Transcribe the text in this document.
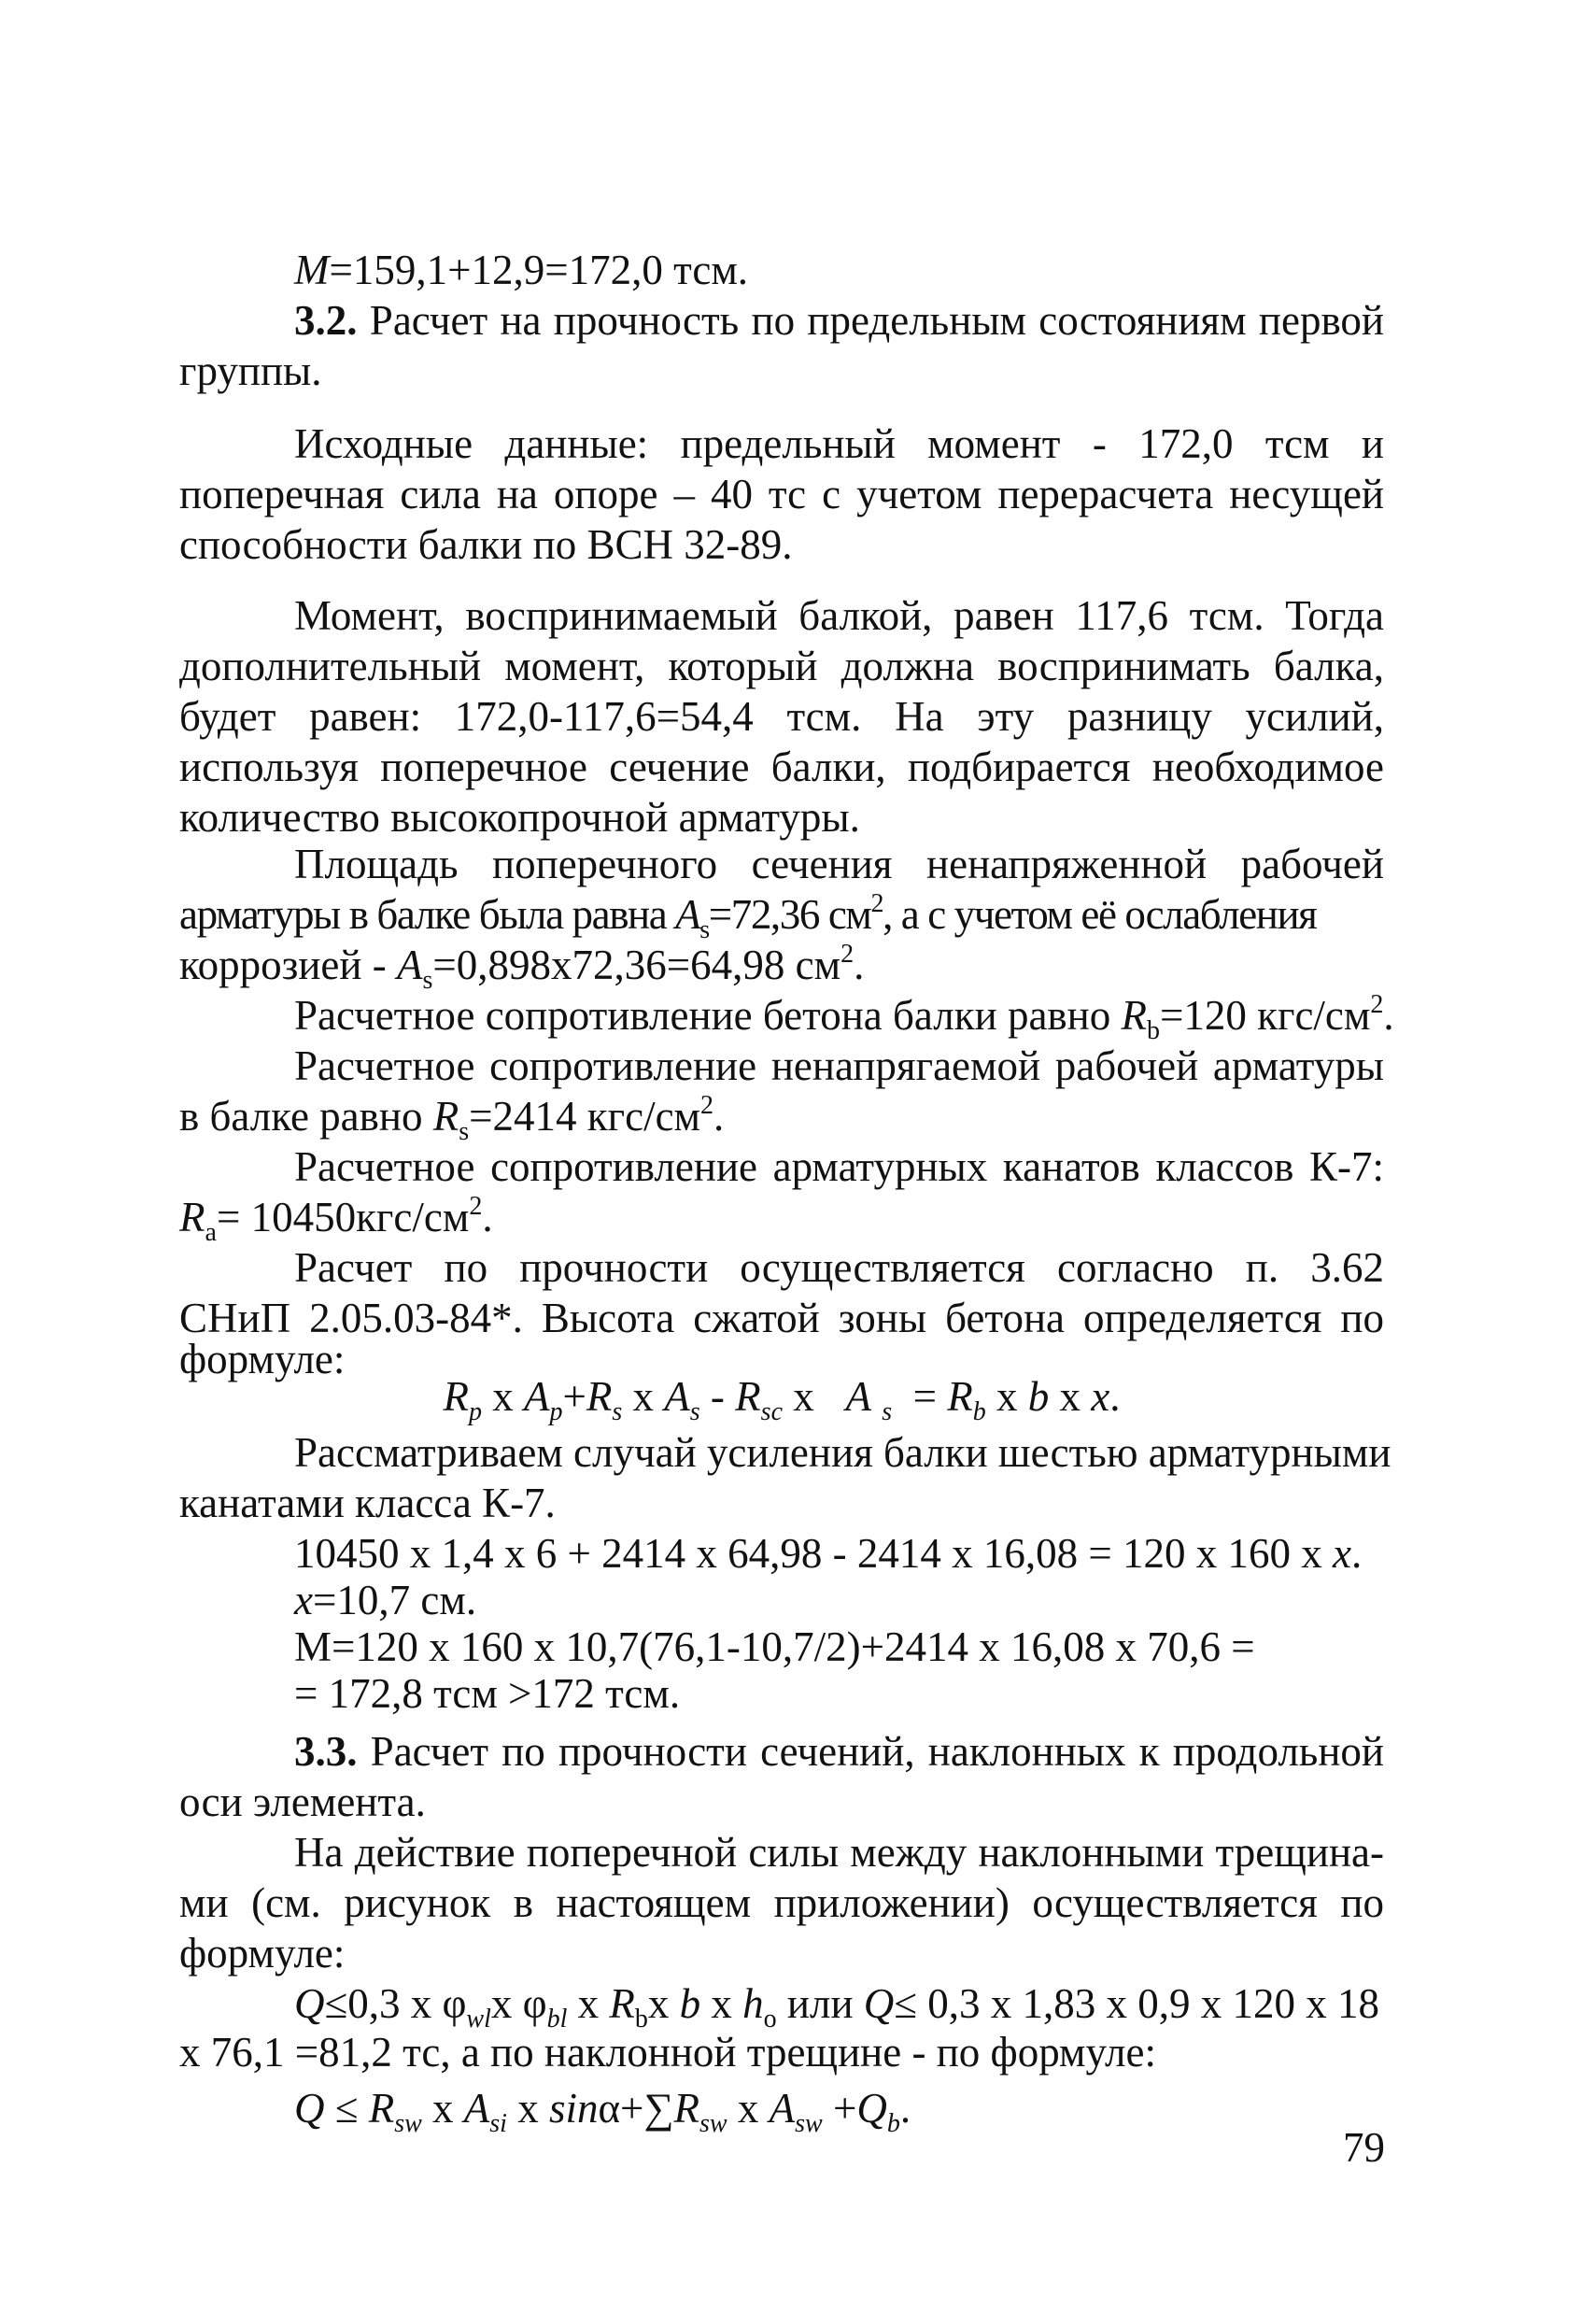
М=159,1+12,9=172,0 тсм.
3.2. Расчет на прочность по предельным состояниям первой
группы.
Исходные данные: предельный момент - 172,0 тсм и
поперечная сила на опоре – 40 тс с учетом перерасчета несущей
способности балки по ВСН 32-89.
Момент, воспринимаемый балкой, равен 117,6 тсм. Тогда
дополнительный момент, который должна воспринимать балка,
будет равен: 172,0-117,6=54,4 тсм. На эту разницу усилий,
используя поперечное сечение балки, подбирается необходимое
количество высокопрочной арматуры.
Площадь поперечного сечения ненапряженной рабочей
арматуры в балке была равна $A_s=72,36$ $см^2$, а с учетом её ослабления
коррозией - $A_s=0,898x72,36=64,98$ $см^2$.
Расчетное сопротивление бетона балки равно $R_b=120$ кгс/$см^2$.
Расчетное сопротивление ненапрягаемой рабочей арматуры
в балке равно $R_s=2414$ кгс/$см^2$.
Расчетное сопротивление арматурных канатов классов К-7:
$R_a= 10450кгс/см^2$.
Расчет по прочности осуществляется согласно п. 3.62
СНиП 2.05.03-84*. Высота сжатой зоны бетона определяется по
формуле:
$R_p$ х $A_p+R_s$ х $A_s - R_{sc}$ х   A $_s = R_b$ х b х x.
Рассматриваем случай усиления балки шестью арматурными
канатами класса К-7.
10450 х 1,4 х 6 + 2414 х 64,98 - 2414 х 16,08 = 120 х 160 х x.
x=10,7 см.
М=120 х 160 х 10,7(76,1-10,7/2)+2414 х 16,08 х 70,6 =
= 172,8 тсм >172 тсм.
3.3. Расчет по прочности сечений, наклонных к продольной
оси элемента.
На действие поперечной силы между наклонными трещина-
ми (см. рисунок в настоящем приложении) осуществляется по
формуле:
Q≤0,3 х $\varphi_{wl}х$ $\varphi_{bl}$ х $R_bх$ b х $h_o$ или Q≤ 0,3 х 1,83 х 0,9 х 120 х 18
х 76,1 =81,2 тс, а по наклонной трещине - по формуле:
$Q \le R_{sw}$ х $A_{si}$ х $\sin\alpha+\sum R_{sw}$ х $A_{sw} +Q_b$.
79
